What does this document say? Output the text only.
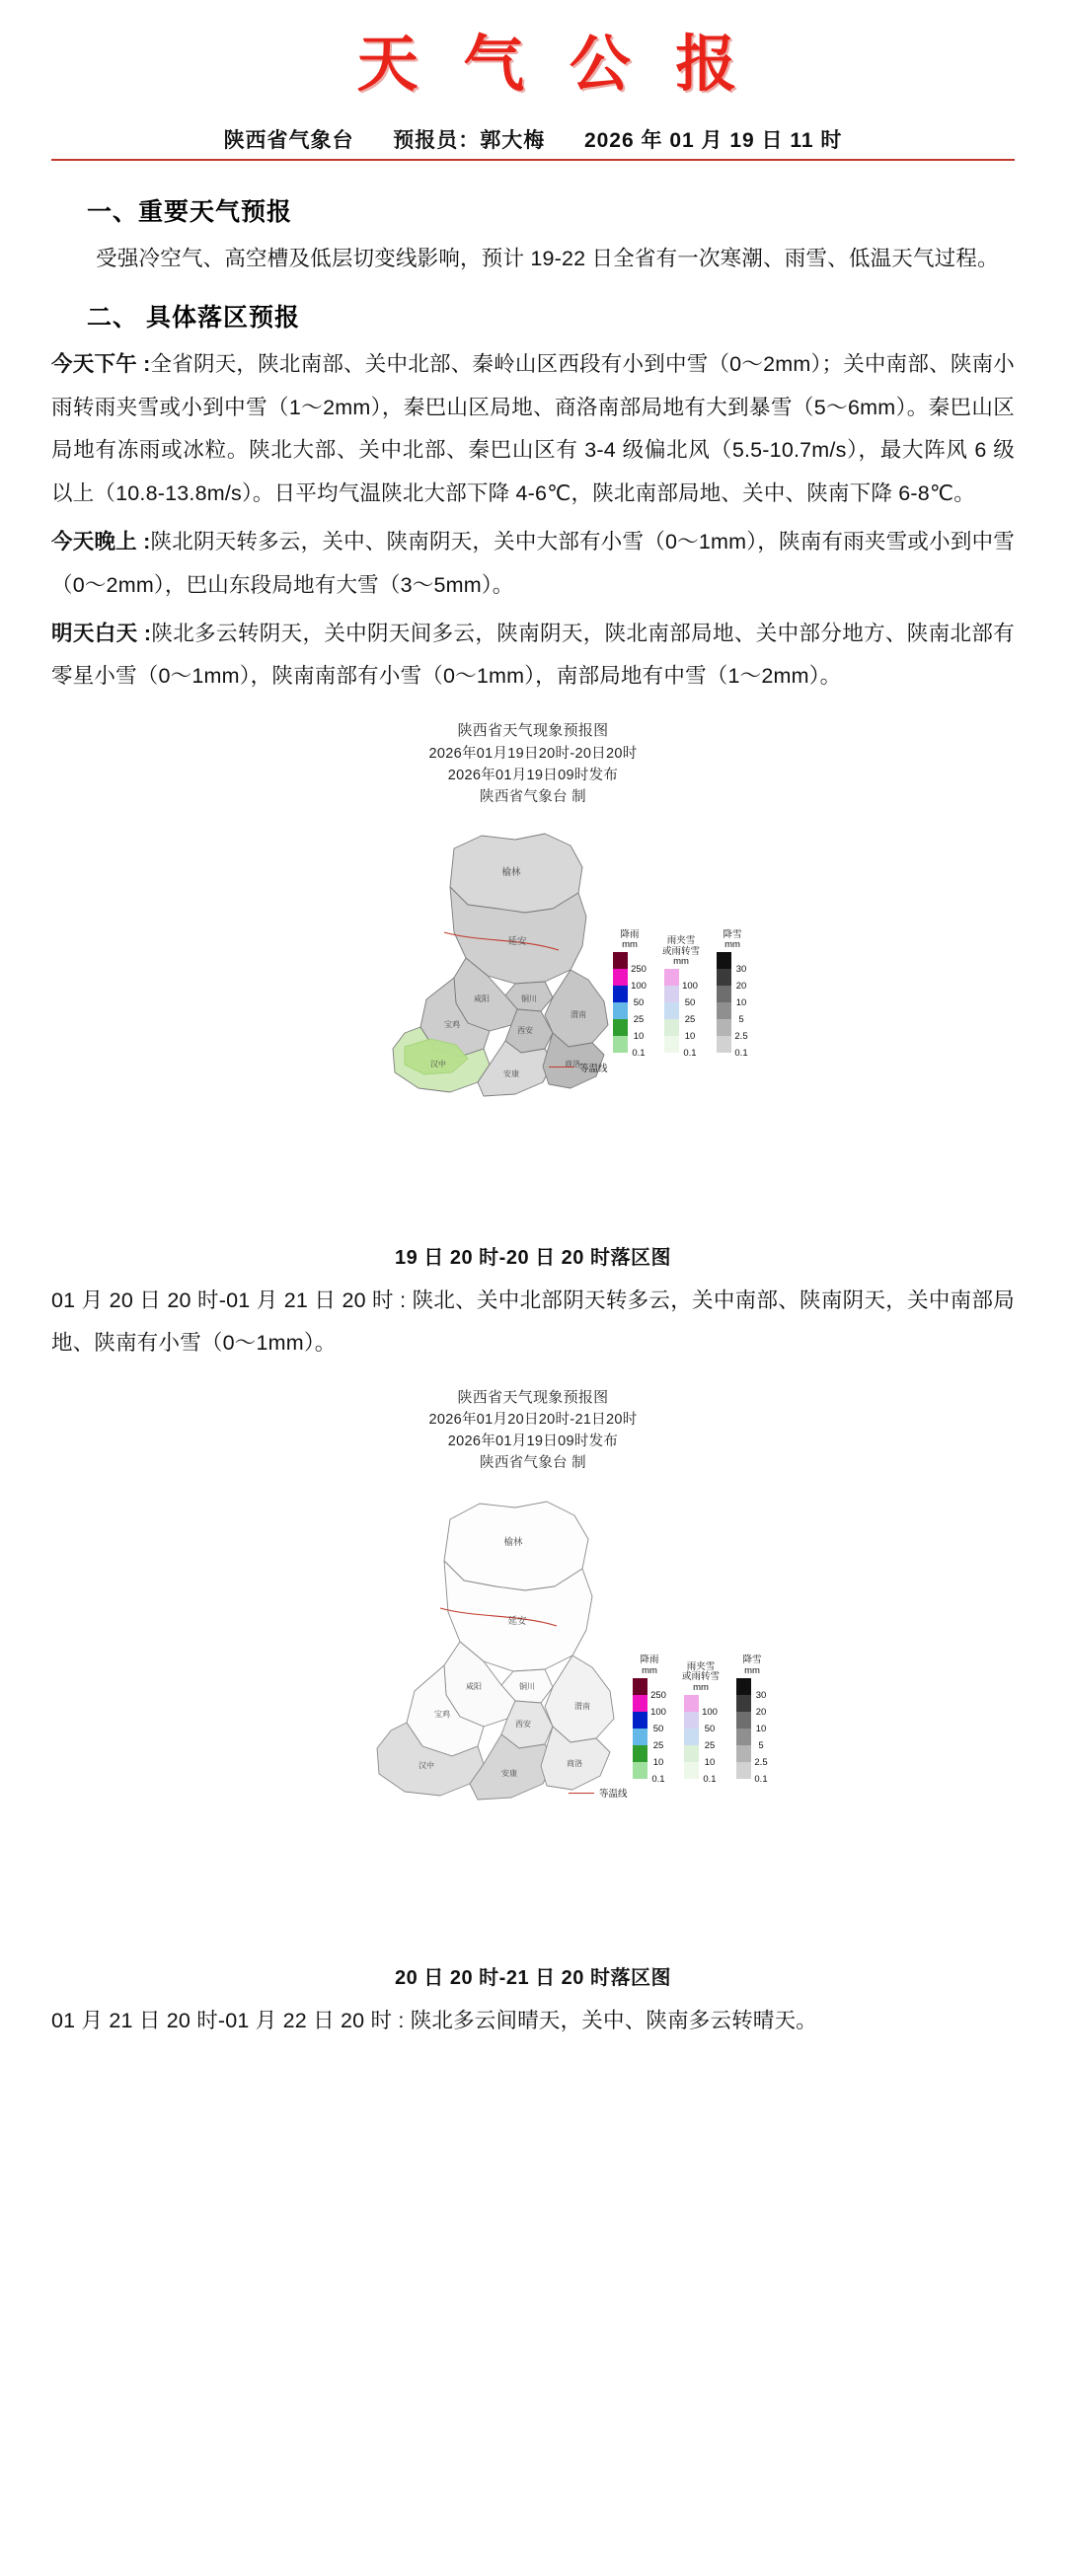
天 气 公 报
陕西省气象台 预报员：郭大梅 2026 年 01 月 19 日 11 时
一、重要天气预报

受强冷空气、高空槽及低层切变线影响，预计 19-22 日全省有一次寒潮、雨雪、低温天气过程。

二、 具体落区预报

今天下午 :全省阴天，陕北南部、关中北部、秦岭山区西段有小到中雪（0～2mm）；关中南部、陕南小雨转雨夹雪或小到中雪（1～2mm），秦巴山区局地、商洛南部局地有大到暴雪（5～6mm）。秦巴山区局地有冻雨或冰粒。陕北大部、关中北部、秦巴山区有 3-4 级偏北风（5.5-10.7m/s），最大阵风 6 级以上（10.8-13.8m/s）。日平均气温陕北大部下降 4-6℃，陕北南部局地、关中、陕南下降 6-8℃。

今天晚上 :陕北阴天转多云，关中、陕南阴天，关中大部有小雪（0～1mm），陕南有雨夹雪或小到中雪（0～2mm），巴山东段局地有大雪（3～5mm）。

明天白天 :陕北多云转阴天，关中阴天间多云，陕南阴天，陕北南部局地、关中部分地方、陕南北部有零星小雪（0～1mm），陕南南部有小雪（0～1mm），南部局地有中雪（1～2mm）。

陕西省天气现象预报图
2026年01月19日20时-20日20时
2026年01月19日09时发布
陕西省气象台 制
榆林
延安
铜川
咸阳
渭南
西安
宝鸡
汉中
安康
商洛
降雨
mm
250
100
50
25
10
0.1
雨夹雪
或雨转雪
mm
100
50
25
10
0.1
降雪
mm
30
20
10
5
2.5
0.1
等温线
19 日 20 时-20 日 20 时落区图

01 月 20 日 20 时-01 月 21 日 20 时 : 陕北、关中北部阴天转多云，关中南部、陕南阴天，关中南部局地、陕南有小雪（0～1mm）。

陕西省天气现象预报图
2026年01月20日20时-21日20时
2026年01月19日09时发布
陕西省气象台 制
榆林
延安
铜川
咸阳
渭南
西安
宝鸡
汉中
安康
商洛
降雨
mm
250
100
50
25
10
0.1
雨夹雪
或雨转雪
mm
100
50
25
10
0.1
降雪
mm
30
20
10
5
2.5
0.1
等温线
20 日 20 时-21 日 20 时落区图

01 月 21 日 20 时-01 月 22 日 20 时 : 陕北多云间晴天，关中、陕南多云转晴天。
